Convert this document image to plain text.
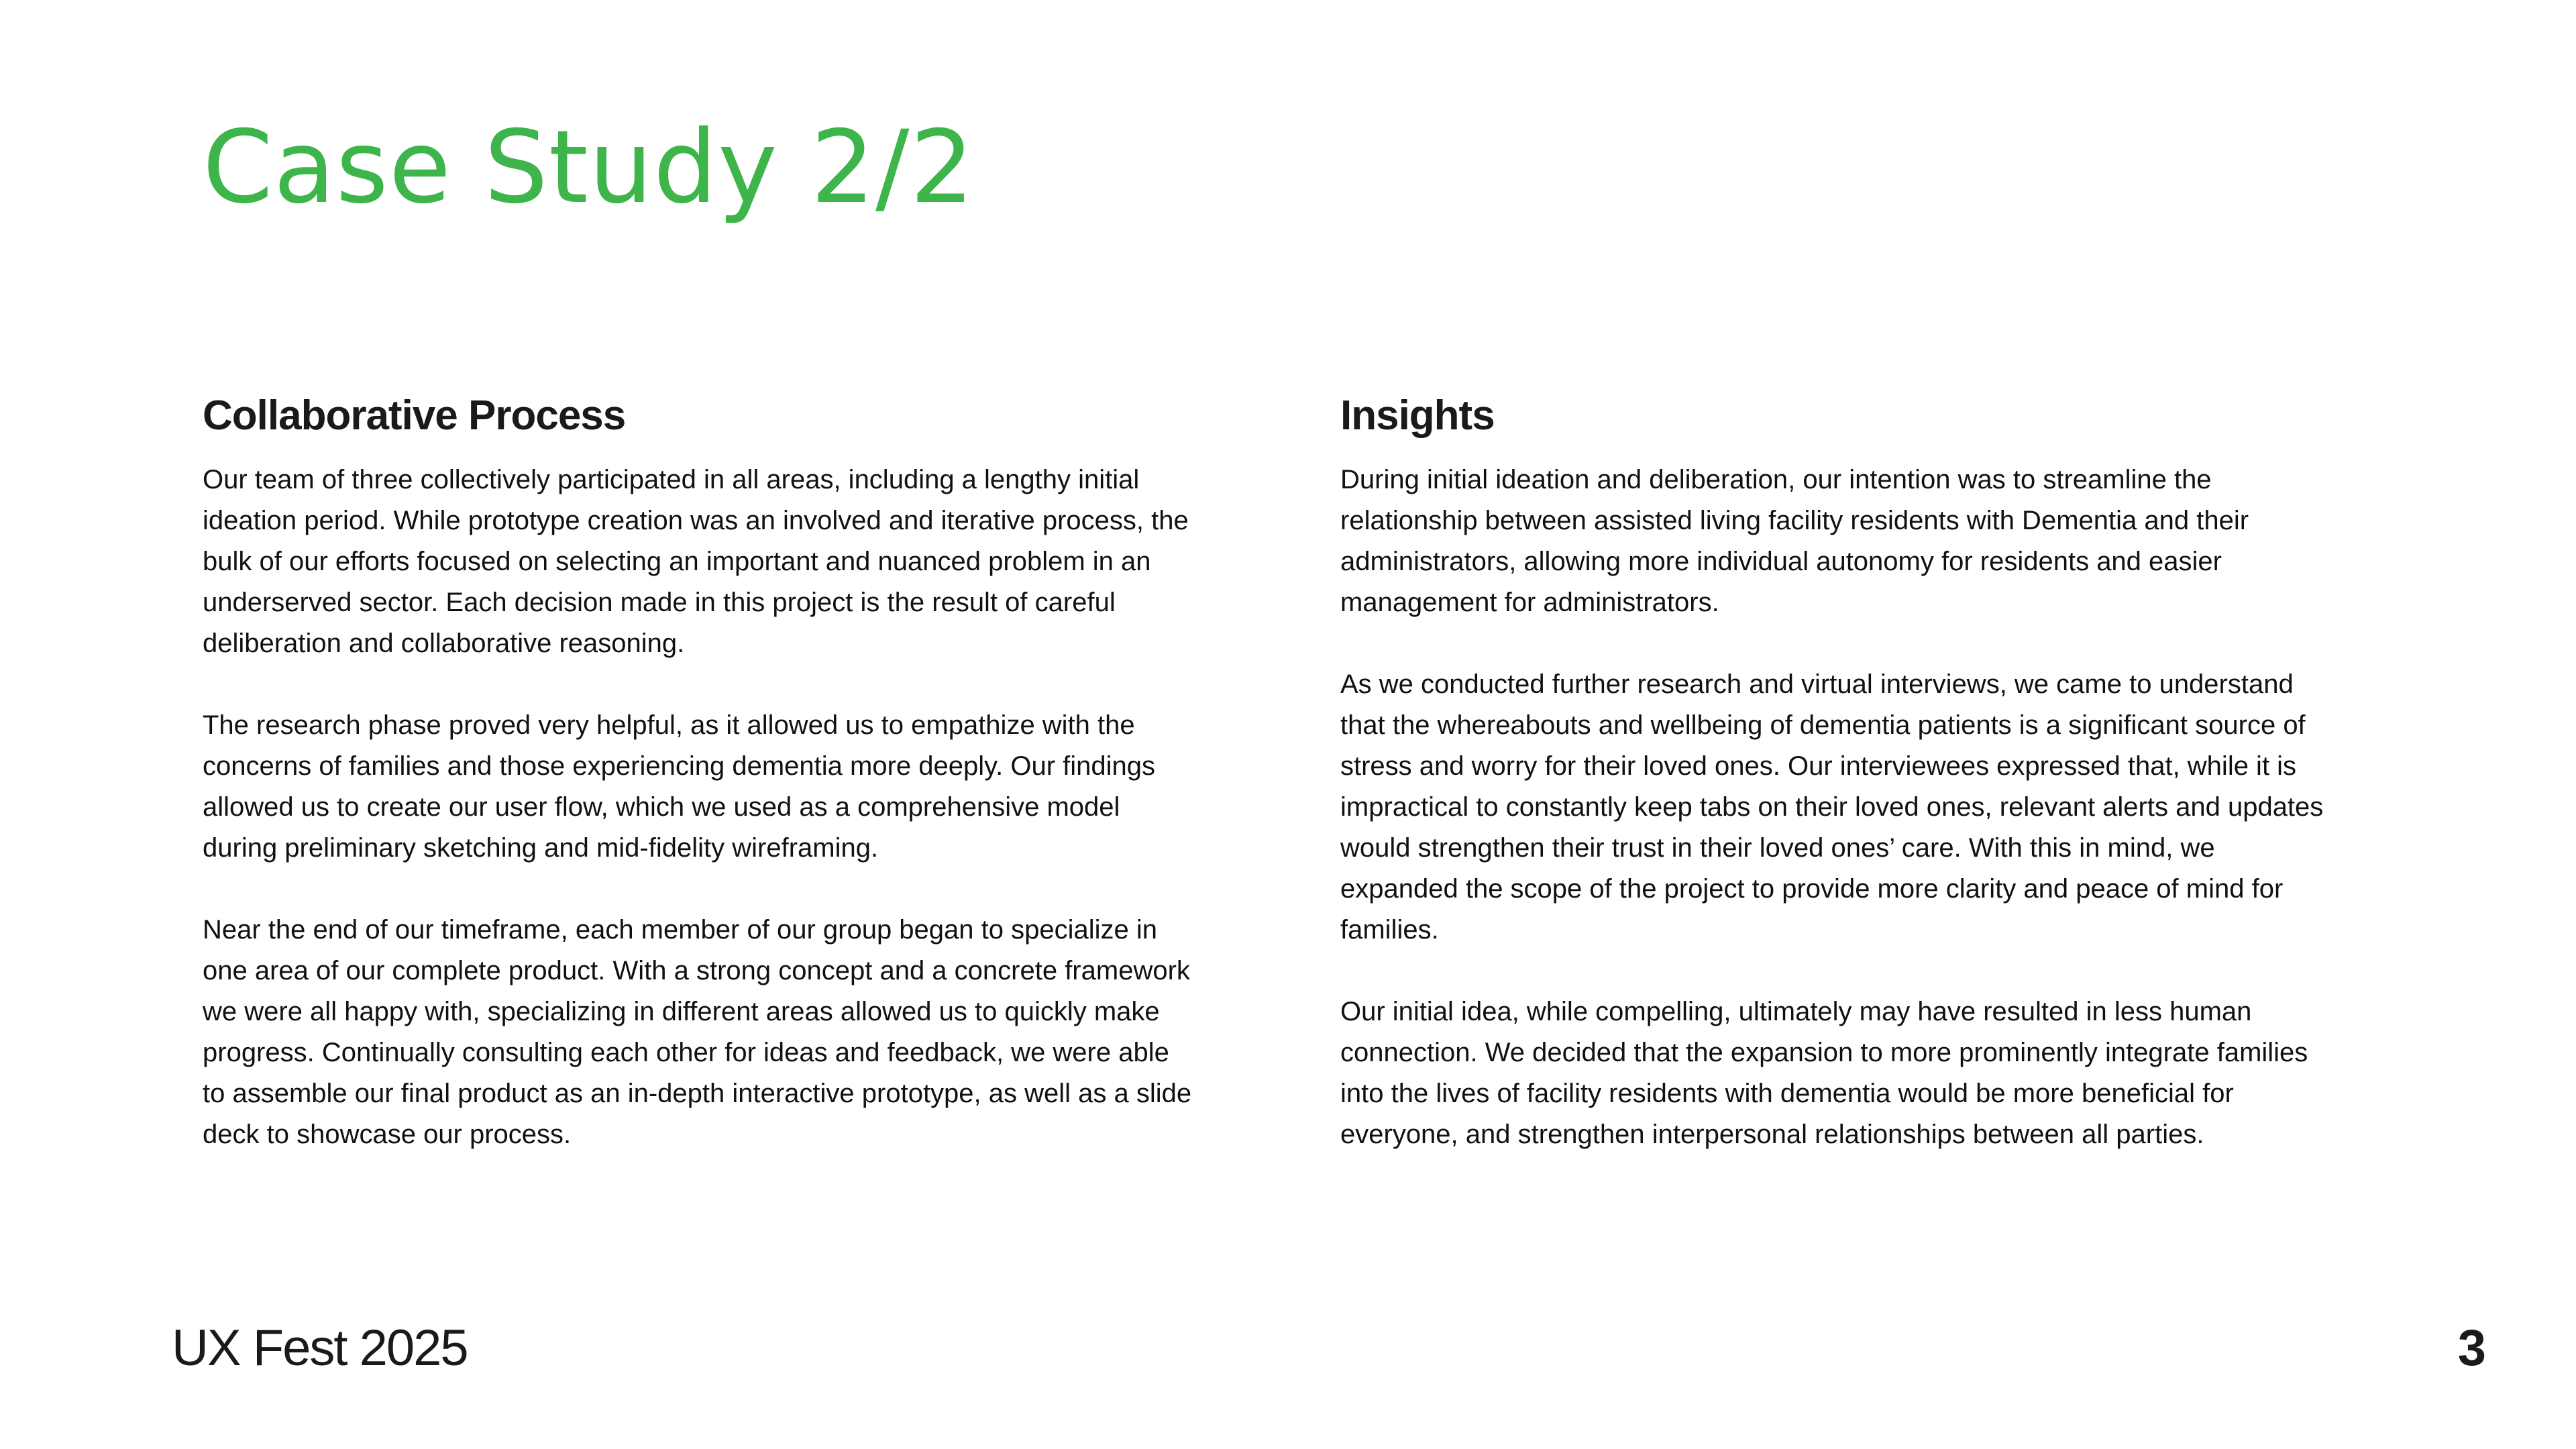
Case Study 2/2
Collaborative Process

Our team of three collectively participated in all areas, including a lengthy initial
ideation period. While prototype creation was an involved and iterative process, the
bulk of our efforts focused on selecting an important and nuanced problem in an
underserved sector. Each decision made in this project is the result of careful
deliberation and collaborative reasoning.

The research phase proved very helpful, as it allowed us to empathize with the
concerns of families and those experiencing dementia more deeply. Our findings
allowed us to create our user flow, which we used as a comprehensive model
during preliminary sketching and mid-fidelity wireframing.

Near the end of our timeframe, each member of our group began to specialize in
one area of our complete product. With a strong concept and a concrete framework
we were all happy with, specializing in different areas allowed us to quickly make
progress. Continually consulting each other for ideas and feedback, we were able
to assemble our final product as an in-depth interactive prototype, as well as a slide
deck to showcase our process.

Insights

During initial ideation and deliberation, our intention was to streamline the
relationship between assisted living facility residents with Dementia and their
administrators, allowing more individual autonomy for residents and easier
management for administrators.

As we conducted further research and virtual interviews, we came to understand
that the whereabouts and wellbeing of dementia patients is a significant source of
stress and worry for their loved ones. Our interviewees expressed that, while it is
impractical to constantly keep tabs on their loved ones, relevant alerts and updates
would strengthen their trust in their loved ones’ care. With this in mind, we
expanded the scope of the project to provide more clarity and peace of mind for
families.

Our initial idea, while compelling, ultimately may have resulted in less human
connection. We decided that the expansion to more prominently integrate families
into the lives of facility residents with dementia would be more beneficial for
everyone, and strengthen interpersonal relationships between all parties.

UX Fest 2025	3
